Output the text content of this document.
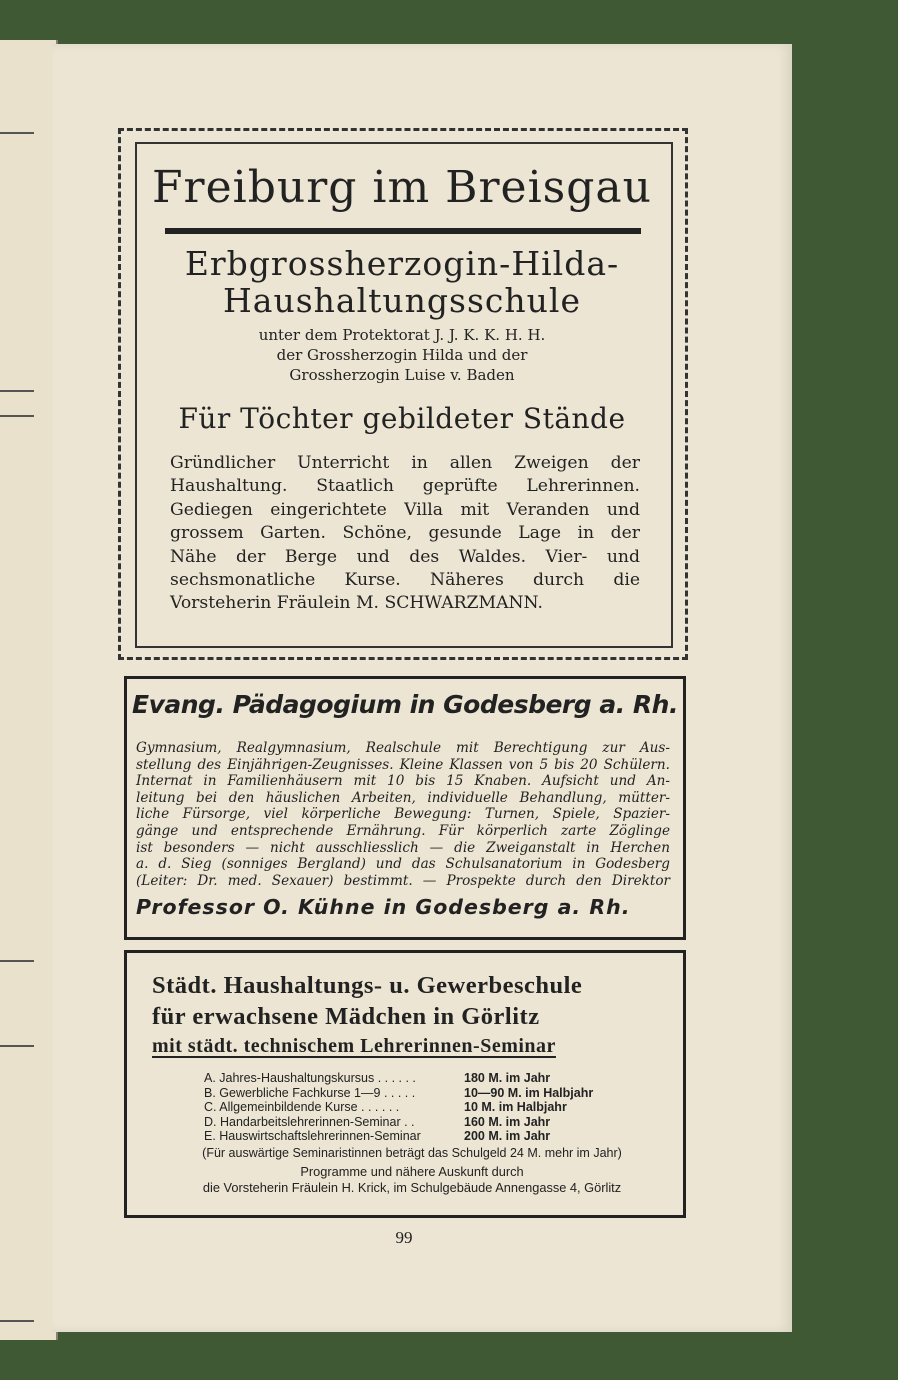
Freiburg im Breisgau
Erbgrossherzogin-Hilda-
Haushaltungsschule
unter dem Protektorat J. J. K. K. H. H.
der Grossherzogin Hilda und der
Grossherzogin Luise v. Baden
Für Töchter gebildeter Stände
Gründlicher Unterricht in allen Zweigen der
Haushaltung. Staatlich geprüfte Lehrerinnen.
Gediegen eingerichtete Villa mit Veranden und
grossem Garten. Schöne, gesunde Lage in der
Nähe der Berge und des Waldes. Vier- und
sechsmonatliche Kurse. Näheres durch die
Vorsteherin Fräulein M. SCHWARZMANN.
Evang. Pädagogium in Godesberg a. Rh.
Gymnasium, Realgymnasium, Realschule mit Berechtigung zur Aus-
stellung des Einjährigen-Zeugnisses. Kleine Klassen von 5 bis 20 Schülern.
Internat in Familienhäusern mit 10 bis 15 Knaben. Aufsicht und An-
leitung bei den häuslichen Arbeiten, individuelle Behandlung, mütter-
liche Fürsorge, viel körperliche Bewegung: Turnen, Spiele, Spazier-
gänge und entsprechende Ernährung. Für körperlich zarte Zöglinge
ist besonders — nicht ausschliesslich — die Zweiganstalt in Herchen
a. d. Sieg (sonniges Bergland) und das Schulsanatorium in Godesberg
(Leiter: Dr. med. Sexauer) bestimmt. — Prospekte durch den Direktor
Professor O. Kühne in Godesberg a. Rh.
Städt. Haushaltungs- u. Gewerbeschule
für erwachsene Mädchen in Görlitz
mit städt. technischem Lehrerinnen-Seminar
A. Jahres-Haushaltungskursus . . . . . .	180 M. im Jahr
B. Gewerbliche Fachkurse 1—9 . . . . .	10—90 M. im Halbjahr
C. Allgemeinbildende Kurse . . . . . .	10 M. im Halbjahr
D. Handarbeitslehrerinnen-Seminar . .	160 M. im Jahr
E. Hauswirtschaftslehrerinnen-Seminar	200 M. im Jahr
(Für auswärtige Seminaristinnen beträgt das Schulgeld 24 M. mehr im Jahr)
Programme und nähere Auskunft durch
die Vorsteherin Fräulein H. Krick, im Schulgebäude Annengasse 4, Görlitz
99
